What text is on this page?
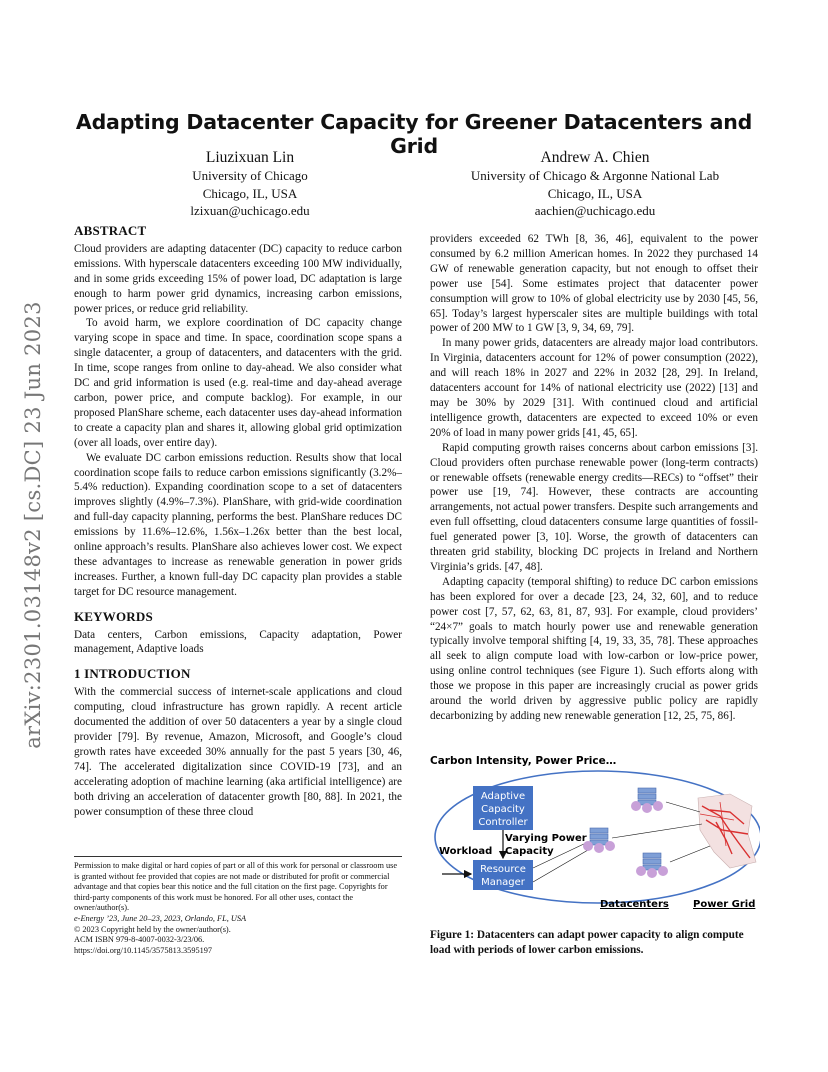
arXiv:2301.03148v2 [cs.DC] 23 Jun 2023
Adapting Datacenter Capacity for Greener Datacenters and Grid
Liuzixuan Lin
University of Chicago
Chicago, IL, USA
lzixuan@uchicago.edu
Andrew A. Chien
University of Chicago & Argonne National Lab
Chicago, IL, USA
aachien@uchicago.edu
ABSTRACT

Cloud providers are adapting datacenter (DC) capacity to reduce carbon emissions. With hyperscale datacenters exceeding 100 MW individually, and in some grids exceeding 15% of power load, DC adaptation is large enough to harm power grid dynamics, increasing carbon emissions, power prices, or reduce grid reliability.

To avoid harm, we explore coordination of DC capacity change varying scope in space and time. In space, coordination scope spans a single datacenter, a group of datacenters, and datacenters with the grid. In time, scope ranges from online to day-ahead. We also consider what DC and grid information is used (e.g. real-time and day-ahead average carbon, power price, and compute backlog). For example, in our proposed PlanShare scheme, each datacenter uses day-ahead information to create a capacity plan and shares it, allowing global grid optimization (over all loads, over entire day).

We evaluate DC carbon emissions reduction. Results show that local coordination scope fails to reduce carbon emissions significantly (3.2%–5.4% reduction). Expanding coordination scope to a set of datacenters improves slightly (4.9%–7.3%). PlanShare, with grid-wide coordination and full-day capacity planning, performs the best. PlanShare reduces DC emissions by 11.6%–12.6%, 1.56x–1.26x better than the best local, online approach’s results. PlanShare also achieves lower cost. We expect these advantages to increase as renewable generation in power grids increases. Further, a known full-day DC capacity plan provides a stable target for DC resource management.

KEYWORDS

Data centers, Carbon emissions, Capacity adaptation, Power management, Adaptive loads

1 INTRODUCTION

With the commercial success of internet-scale applications and cloud computing, cloud infrastructure has grown rapidly. A recent article documented the addition of over 50 datacenters a year by a single cloud provider [79]. By revenue, Amazon, Microsoft, and Google’s cloud growth rates have exceeded 30% annually for the past 5 years [30, 46, 74]. The accelerated digitalization since COVID-19 [73], and an accelerating adoption of machine learning (aka artificial intelligence) are both driving an acceleration of datacenter growth [80, 88]. In 2021, the power consumption of these three cloud

Permission to make digital or hard copies of part or all of this work for personal or classroom use is granted without fee provided that copies are not made or distributed for profit or commercial advantage and that copies bear this notice and the full citation on the first page. Copyrights for third-party components of this work must be honored. For all other uses, contact the owner/author(s).
e-Energy ’23, June 20–23, 2023, Orlando, FL, USA
© 2023 Copyright held by the owner/author(s).
ACM ISBN 979-8-4007-0032-3/23/06.
https://doi.org/10.1145/3575813.3595197

providers exceeded 62 TWh [8, 36, 46], equivalent to the power consumed by 6.2 million American homes. In 2022 they purchased 14 GW of renewable generation capacity, but not enough to offset their power use [54]. Some estimates project that datacenter power consumption will grow to 10% of global electricity use by 2030 [45, 56, 65]. Today’s largest hyperscaler sites are multiple buildings with total power of 200 MW to 1 GW [3, 9, 34, 69, 79].

In many power grids, datacenters are already major load contributors. In Virginia, datacenters account for 12% of power consumption (2022), and will reach 18% in 2027 and 22% in 2032 [28, 29]. In Ireland, datacenters account for 14% of national electricity use (2022) [13] and may be 30% by 2029 [31]. With continued cloud and artificial intelligence growth, datacenters are expected to exceed 10% or even 20% of load in many power grids [41, 45, 65].

Rapid computing growth raises concerns about carbon emissions [3]. Cloud providers often purchase renewable power (long-term contracts) or renewable offsets (renewable energy credits—RECs) to “offset” their power use [19, 74]. However, these contracts are accounting arrangements, not actual power transfers. Despite such arrangements and even full offsetting, cloud datacenters consume large quantities of fossil-fuel generated power [3, 10]. Worse, the growth of datacenters can threaten grid stability, blocking DC projects in Ireland and Northern Virginia’s grids. [47, 48].

Adapting capacity (temporal shifting) to reduce DC carbon emissions has been explored for over a decade [23, 24, 32, 60], and to reduce power cost [7, 57, 62, 63, 81, 87, 93]. For example, cloud providers’ “24×7” goals to match hourly power use and renewable generation typically involve temporal shifting [4, 19, 33, 35, 78]. These approaches all seek to align compute load with low-carbon or low-price power, using online control techniques (see Figure 1). Such efforts along with those we propose in this paper are increasingly crucial as power grids around the world driven by aggressive public policy are rapidly decarbonizing by adding new renewable generation [12, 25, 75, 86].

Carbon Intensity, Power Price…
Adaptive
Capacity
Controller
Varying Power
Capacity
Resource
Manager
Workload
Datacenters Power Grid
Figure 1: Datacenters can adapt power capacity to align compute load with periods of lower carbon emissions.
